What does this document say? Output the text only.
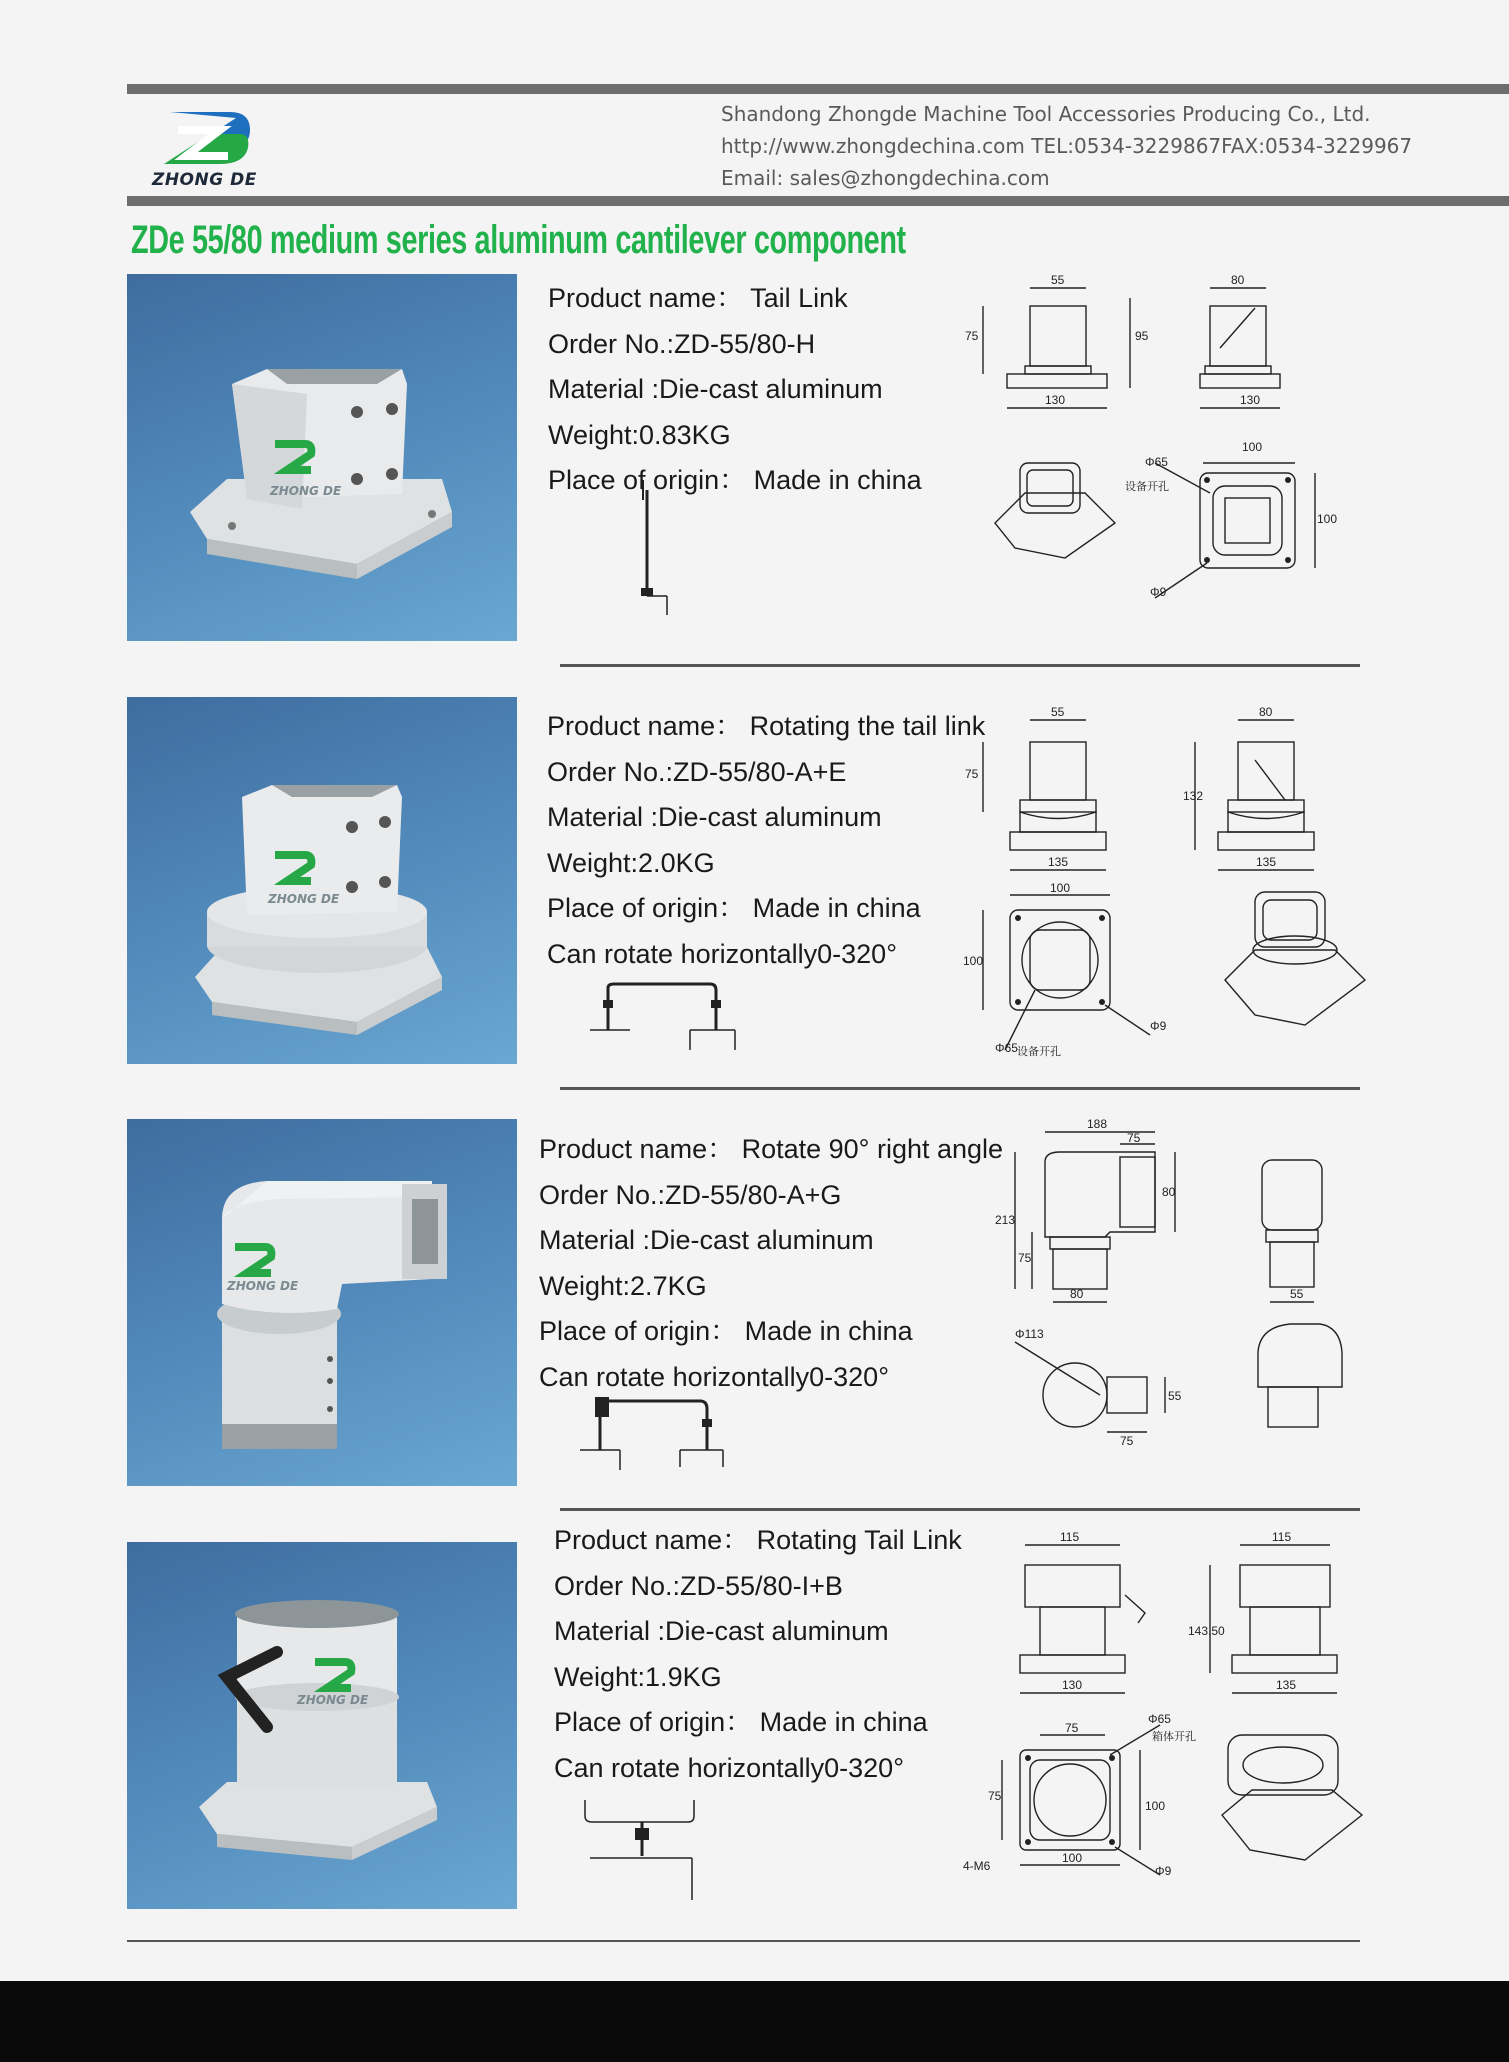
ZHONG DE
Shandong Zhongde Machine Tool Accessories Producing Co., Ltd.
http://www.zhongdechina.com TEL:0534-3229867FAX:0534-3229967
Email: sales@zhongdechina.com
ZDe 55/80 medium series aluminum cantilever component
ZHONG DE
Product name： Tail Link
Order No.:ZD-55/80-H
Material :Die-cast aluminum
Weight:0.83KG
Place of origin： Made in china
55	80
75	95
130	130
100
100
Φ65
设备开孔
Φ9
ZHONG DE
Product name： Rotating the tail link
Order No.:ZD-55/80-A+E
Material :Die-cast aluminum
Weight:2.0KG
Place of origin： Made in china
Can rotate horizontally0-320°
55	80
75
132
135	135
100
100
Φ65 设备开孔
Φ9
ZHONG DE
Product name： Rotate 90° right angle
Order No.:ZD-55/80-A+G
Material :Die-cast aluminum
Weight:2.7KG
Place of origin： Made in china
Can rotate horizontally0-320°
188
75
80
213
75
80	55
Φ113
55
75
ZHONG DE
Product name： Rotating Tail Link
Order No.:ZD-55/80-I+B
Material :Die-cast aluminum
Weight:1.9KG
Place of origin： Made in china
Can rotate horizontally0-320°
115	115
143.50
130	135
75
75
100
100
Φ65
箱体开孔
Φ9
4-M6
